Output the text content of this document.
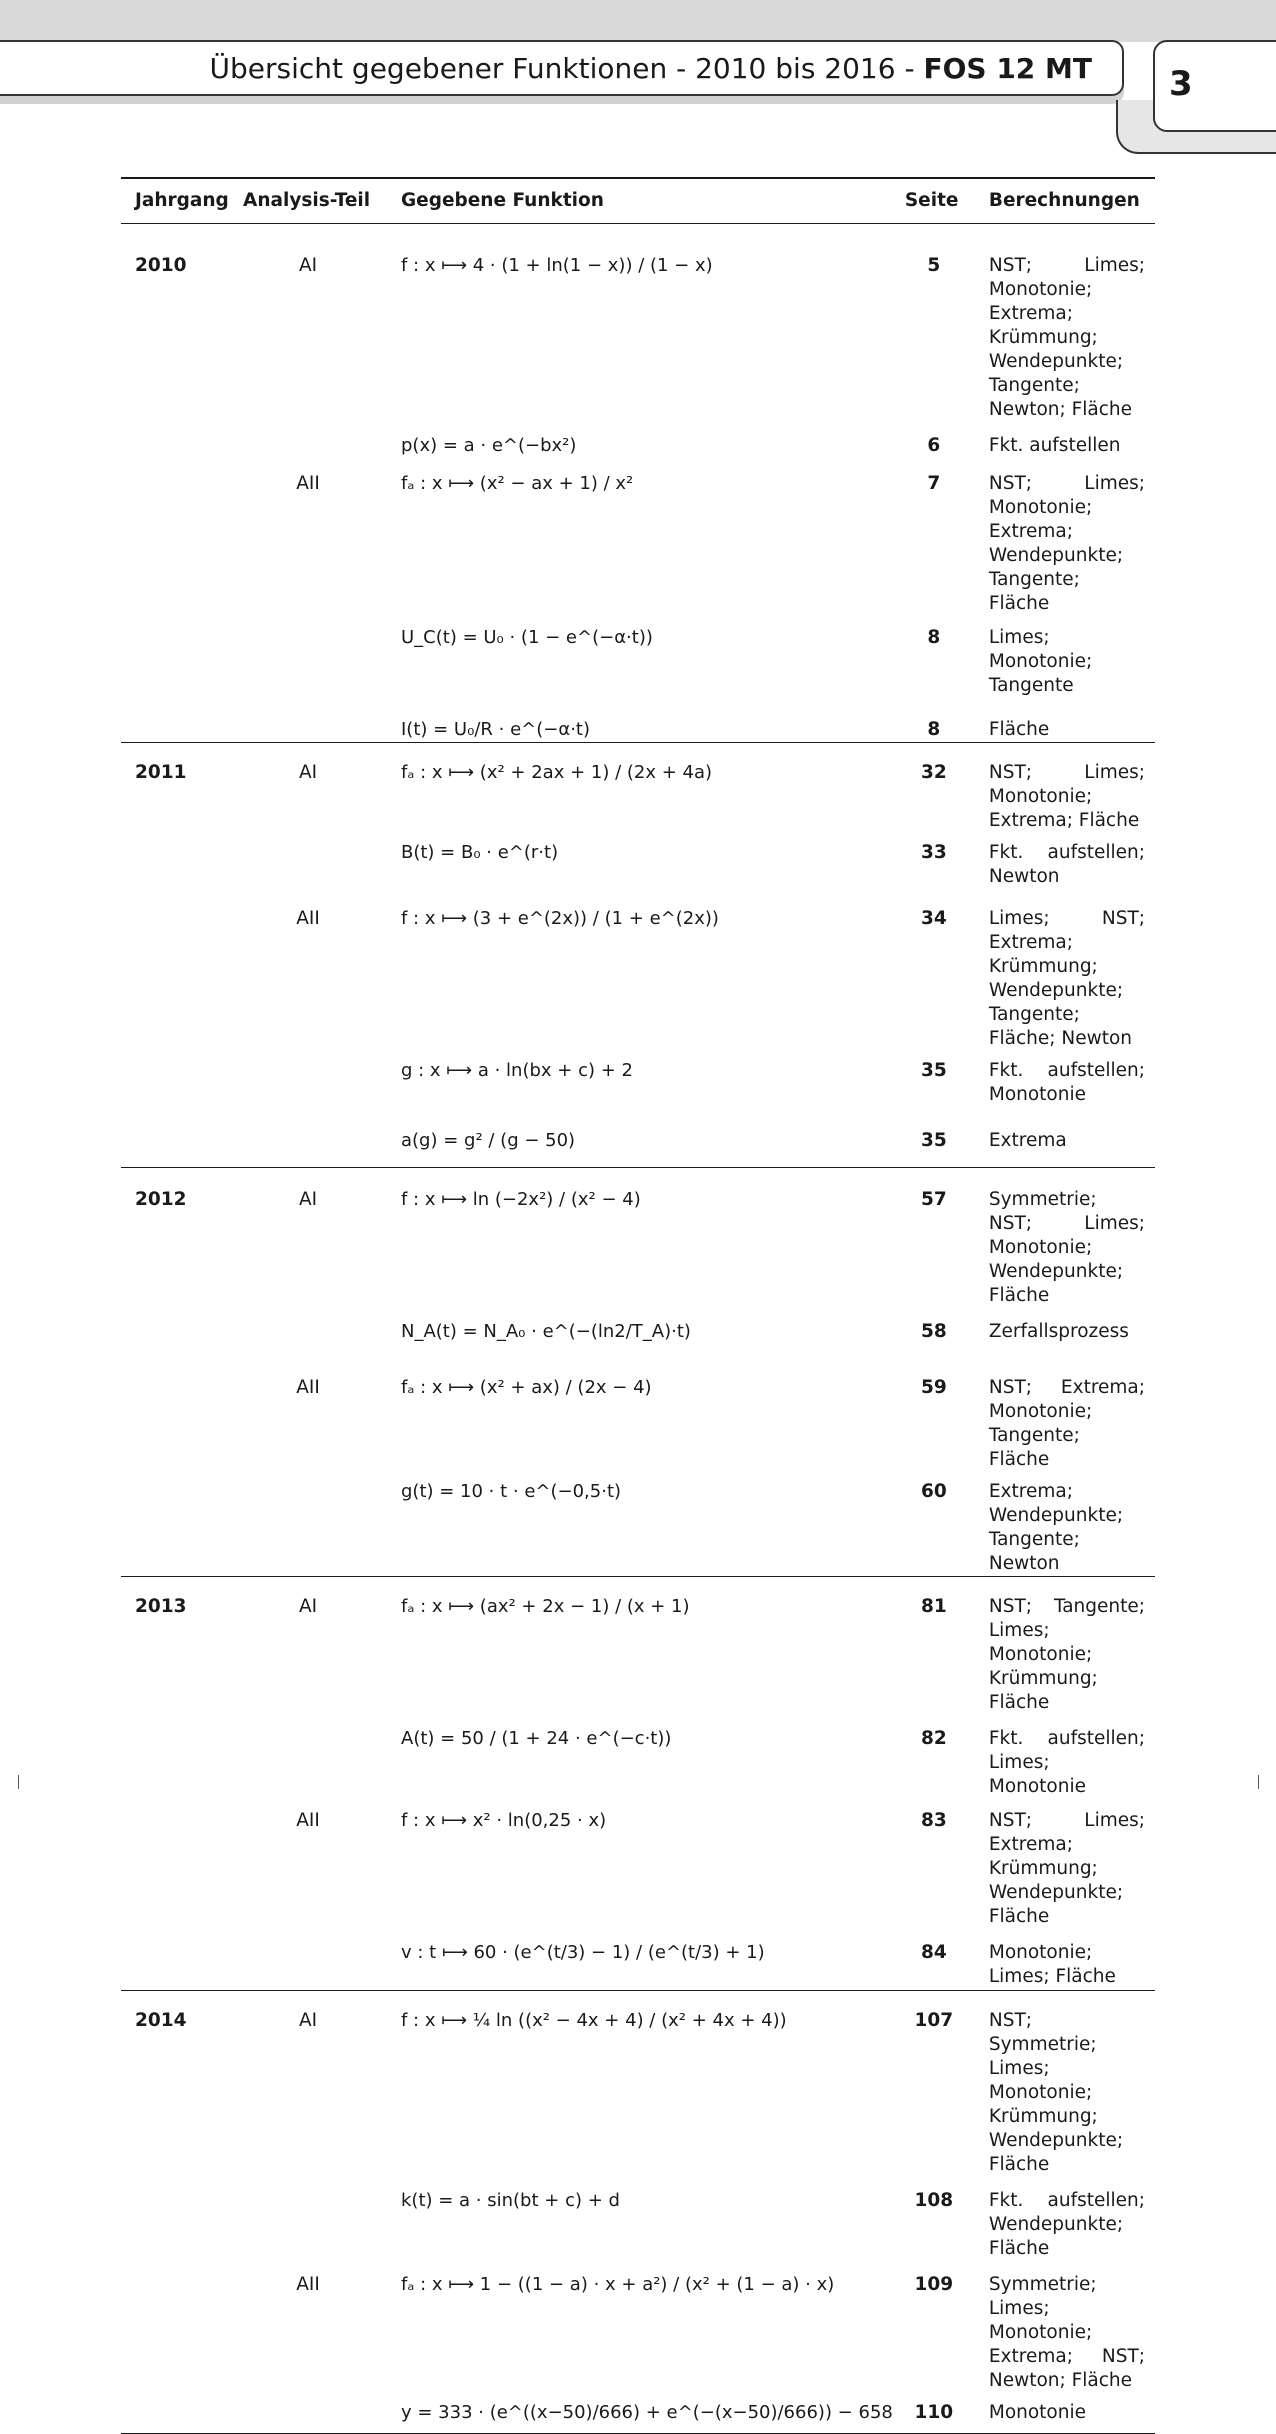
Übersicht gegebener Funktionen - 2010 bis 2016 - FOS 12 MT 3
Jahrgang	Analysis-Teil	Gegebene Funktion	Seite	Berechnungen
2010	AI	f : x ⟼ 4 · (1 + ln(1 − x)) / (1 − x)	5	NST; Limes; Monotonie; Extrema; Krümmung; Wendepunkte; Tangente; Newton; Fläche
		p(x) = a · e^(−bx²)	6	Fkt. aufstellen
	AII	fₐ : x ⟼ (x² − ax + 1) / x²	7	NST; Limes; Monotonie; Extrema; Wendepunkte; Tangente; Fläche
		U_C(t) = U₀ · (1 − e^(−α·t))	8	Limes; Monotonie; Tangente
		I(t) = U₀/R · e^(−α·t)	8	Fläche
2011	AI	fₐ : x ⟼ (x² + 2ax + 1) / (2x + 4a)	32	NST; Limes; Monotonie; Extrema; Fläche
		B(t) = B₀ · e^(r·t)	33	Fkt. aufstellen; Newton
	AII	f : x ⟼ (3 + e^(2x)) / (1 + e^(2x))	34	Limes; NST; Extrema; Krümmung; Wendepunkte; Tangente; Fläche; Newton
		g : x ⟼ a · ln(bx + c) + 2	35	Fkt. aufstellen; Monotonie
		a(g) = g² / (g − 50)	35	Extrema
2012	AI	f : x ⟼ ln (−2x²) / (x² − 4)	57	Symmetrie; NST; Limes; Monotonie; Wendepunkte; Fläche
		N_A(t) = N_A₀ · e^(−(ln2/T_A)·t)	58	Zerfallsprozess
	AII	fₐ : x ⟼ (x² + ax) / (2x − 4)	59	NST; Extrema; Monotonie; Tangente; Fläche
		g(t) = 10 · t · e^(−0,5·t)	60	Extrema; Wendepunkte; Tangente; Newton
2013	AI	fₐ : x ⟼ (ax² + 2x − 1) / (x + 1)	81	NST; Tangente; Limes; Monotonie; Krümmung; Fläche
		A(t) = 50 / (1 + 24 · e^(−c·t))	82	Fkt. aufstellen; Limes; Monotonie
	AII	f : x ⟼ x² · ln(0,25 · x)	83	NST; Limes; Extrema; Krümmung; Wendepunkte; Fläche
		v : t ⟼ 60 · (e^(t/3) − 1) / (e^(t/3) + 1)	84	Monotonie; Limes; Fläche
2014	AI	f : x ⟼ ¼ ln ((x² − 4x + 4) / (x² + 4x + 4))	107	NST; Symmetrie; Limes; Monotonie; Krümmung; Wendepunkte; Fläche
		k(t) = a · sin(bt + c) + d	108	Fkt. aufstellen; Wendepunkte; Fläche
	AII	fₐ : x ⟼ 1 − ((1 − a) · x + a²) / (x² + (1 − a) · x)	109	Symmetrie; Limes; Monotonie; Extrema; NST; Newton; Fläche
		y = 333 · (e^((x−50)/666) + e^(−(x−50)/666)) − 658	110	Monotonie
